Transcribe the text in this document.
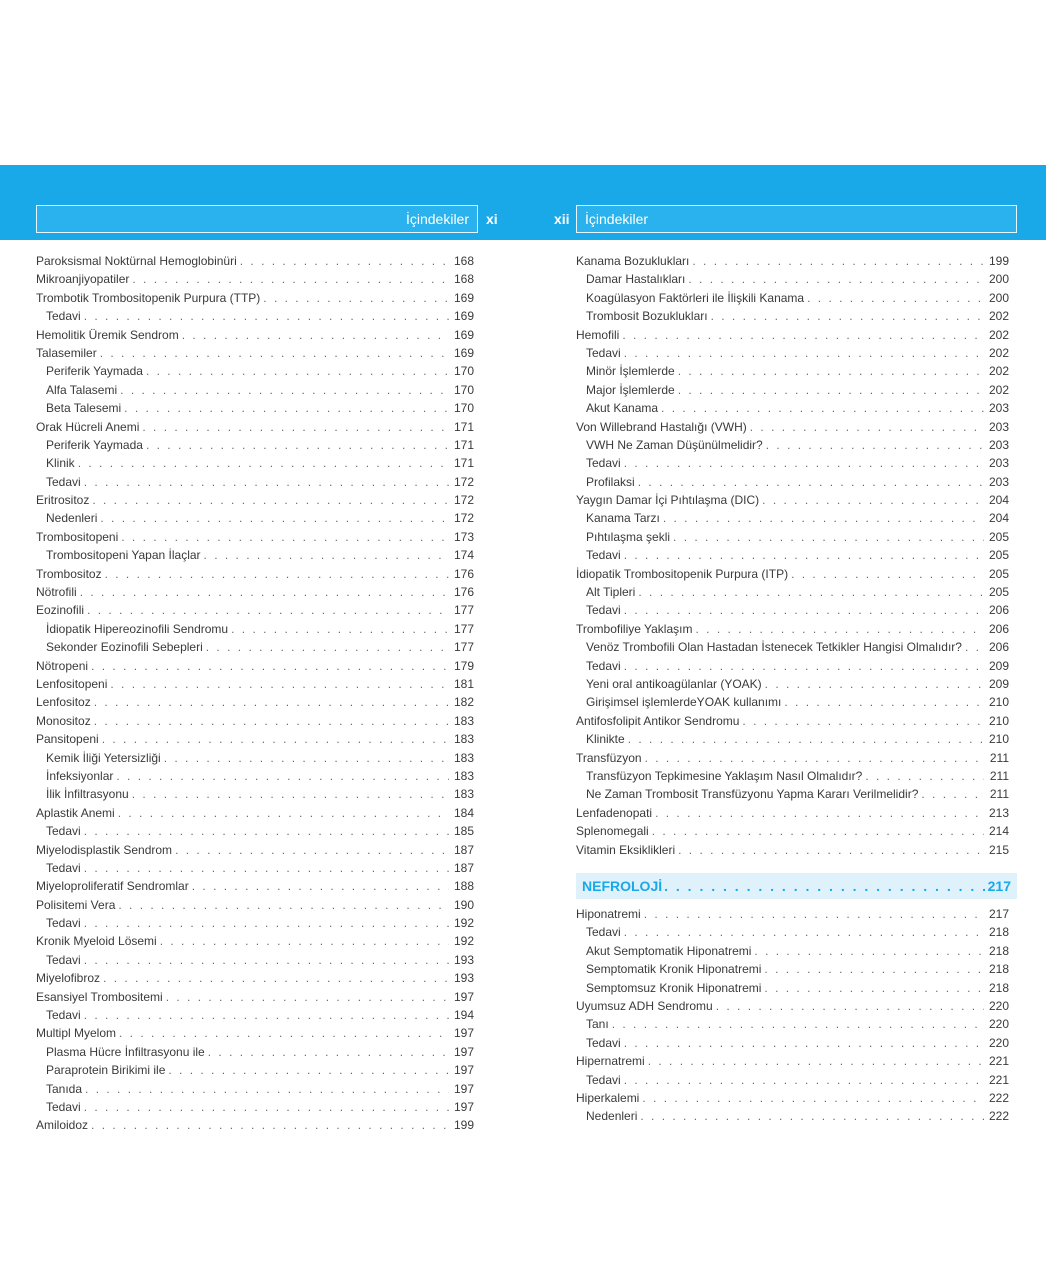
İçindekiler	xi	xii	İçindekiler
Paroksismal Noktürnal Hemoglobinüri . . .	168
Mikroanjiyopatiler . . .	168
Trombotik Trombositopenik Purpura (TTP) . . .	169
Tedavi . . .	169
Hemolitik Üremik Sendrom . . .	169
Talasemiler . . .	169
Periferik Yaymada . . .	170
Alfa Talasemi . . .	170
Beta Talesemi . . .	170
Orak Hücreli Anemi . . .	171
Periferik Yaymada . . .	171
Klinik . . .	171
Tedavi . . .	172
Eritrositoz . . .	172
Nedenleri . . .	172
Trombositopeni . . .	173
Trombositopeni Yapan İlaçlar . . .	174
Trombositoz . . .	176
Nötrofili . . .	176
Eozinofili . . .	177
İdiopatik Hipereozinofili Sendromu . . .	177
Sekonder Eozinofili Sebepleri . . .	177
Nötropeni . . .	179
Lenfositopeni . . .	181
Lenfositoz . . .	182
Monositoz . . .	183
Pansitopeni . . .	183
Kemik İliği Yetersizliği . . .	183
İnfeksiyonlar . . .	183
İlik İnfiltrasyonu . . .	183
Aplastik Anemi . . .	184
Tedavi . . .	185
Miyelodisplastik Sendrom . . .	187
Tedavi . . .	187
Miyeloproliferatif Sendromlar . . .	188
Polisitemi Vera . . .	190
Tedavi . . .	192
Kronik Myeloid Lösemi . . .	192
Tedavi . . .	193
Miyelofibroz . . .	193
Esansiyel Trombositemi . . .	197
Tedavi . . .	194
Multipl Myelom . . .	197
Plasma Hücre İnfiltrasyonu ile . . .	197
Paraprotein Birikimi ile . . .	197
Tanıda . . .	197
Tedavi . . .	197
Amiloidoz . . .	199
Kanama Bozuklukları . . .	199
Damar Hastalıkları . . .	200
Koagülasyon Faktörleri ile İlişkili Kanama . . .	200
Trombosit Bozuklukları . . .	202
Hemofili . . .	202
Tedavi . . .	202
Minör İşlemlerde . . .	202
Major İşlemlerde . . .	202
Akut Kanama . . .	203
Von Willebrand Hastalığı (VWH) . . .	203
VWH Ne Zaman Düşünülmelidir? . . .	203
Tedavi . . .	203
Profilaksi . . .	203
Yaygın Damar İçi Pıhtılaşma (DIC) . . .	204
Kanama Tarzı . . .	204
Pıhtılaşma şekli . . .	205
Tedavi . . .	205
İdiopatik Trombositopenik Purpura (ITP) . . .	205
Alt Tipleri . . .	205
Tedavi . . .	206
Trombofiliye Yaklaşım . . .	206
Venöz Trombofili Olan Hastadan İstenecek Tetkikler Hangisi Olmalıdır? . . . 206
Tedavi . . .	209
Yeni oral antikoagülanlar (YOAK) . . .	209
Girişimsel işlemlerdeYOAK kullanımı . . .	210
Antifosfolipit Antikor Sendromu . . .	210
Klinikte . . .	210
Transfüzyon . . .	211
Transfüzyon Tepkimesine Yaklaşım Nasıl Olmalıdır? . . .	211
Ne Zaman Trombosit Transfüzyonu Yapma Kararı Verilmelidir? . . .	211
Lenfadenopati . . .	213
Splenomegali . . .	214
Vitamin Eksiklikleri . . .	215
NEFROLOJİ . . .	217
Hiponatremi . . .	217
Tedavi . . .	218
Akut Semptomatik Hiponatremi . . .	218
Semptomatik Kronik Hiponatremi . . .	218
Semptomsuz Kronik Hiponatremi . . .	218
Uyumsuz ADH Sendromu . . .	220
Tanı . . .	220
Tedavi . . .	220
Hipernatremi . . .	221
Tedavi . . .	221
Hiperkalemi . . .	222
Nedenleri . . .	222
